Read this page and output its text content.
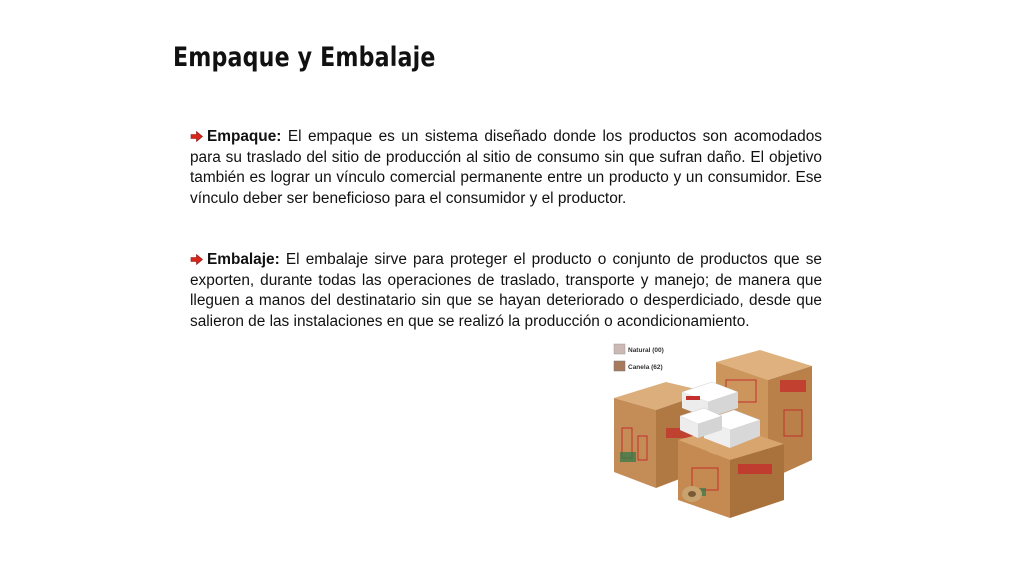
Empaque y Embalaje
Empaque: El empaque es un sistema diseñado donde los productos son acomodados para su traslado del sitio de producción al sitio de consumo sin que sufran daño. El objetivo también es lograr un vínculo comercial permanente entre un producto y un consumidor. Ese vínculo deber ser beneficioso para el consumidor y el productor.
Embalaje: El embalaje sirve para proteger el producto o conjunto de productos que se exporten, durante todas las operaciones de traslado, transporte y manejo; de manera que lleguen a manos del destinatario sin que se hayan deteriorado o desperdiciado, desde que salieron de las instalaciones en que se realizó la producción o acondicionamiento.
Natural (00)
Canela (62)
